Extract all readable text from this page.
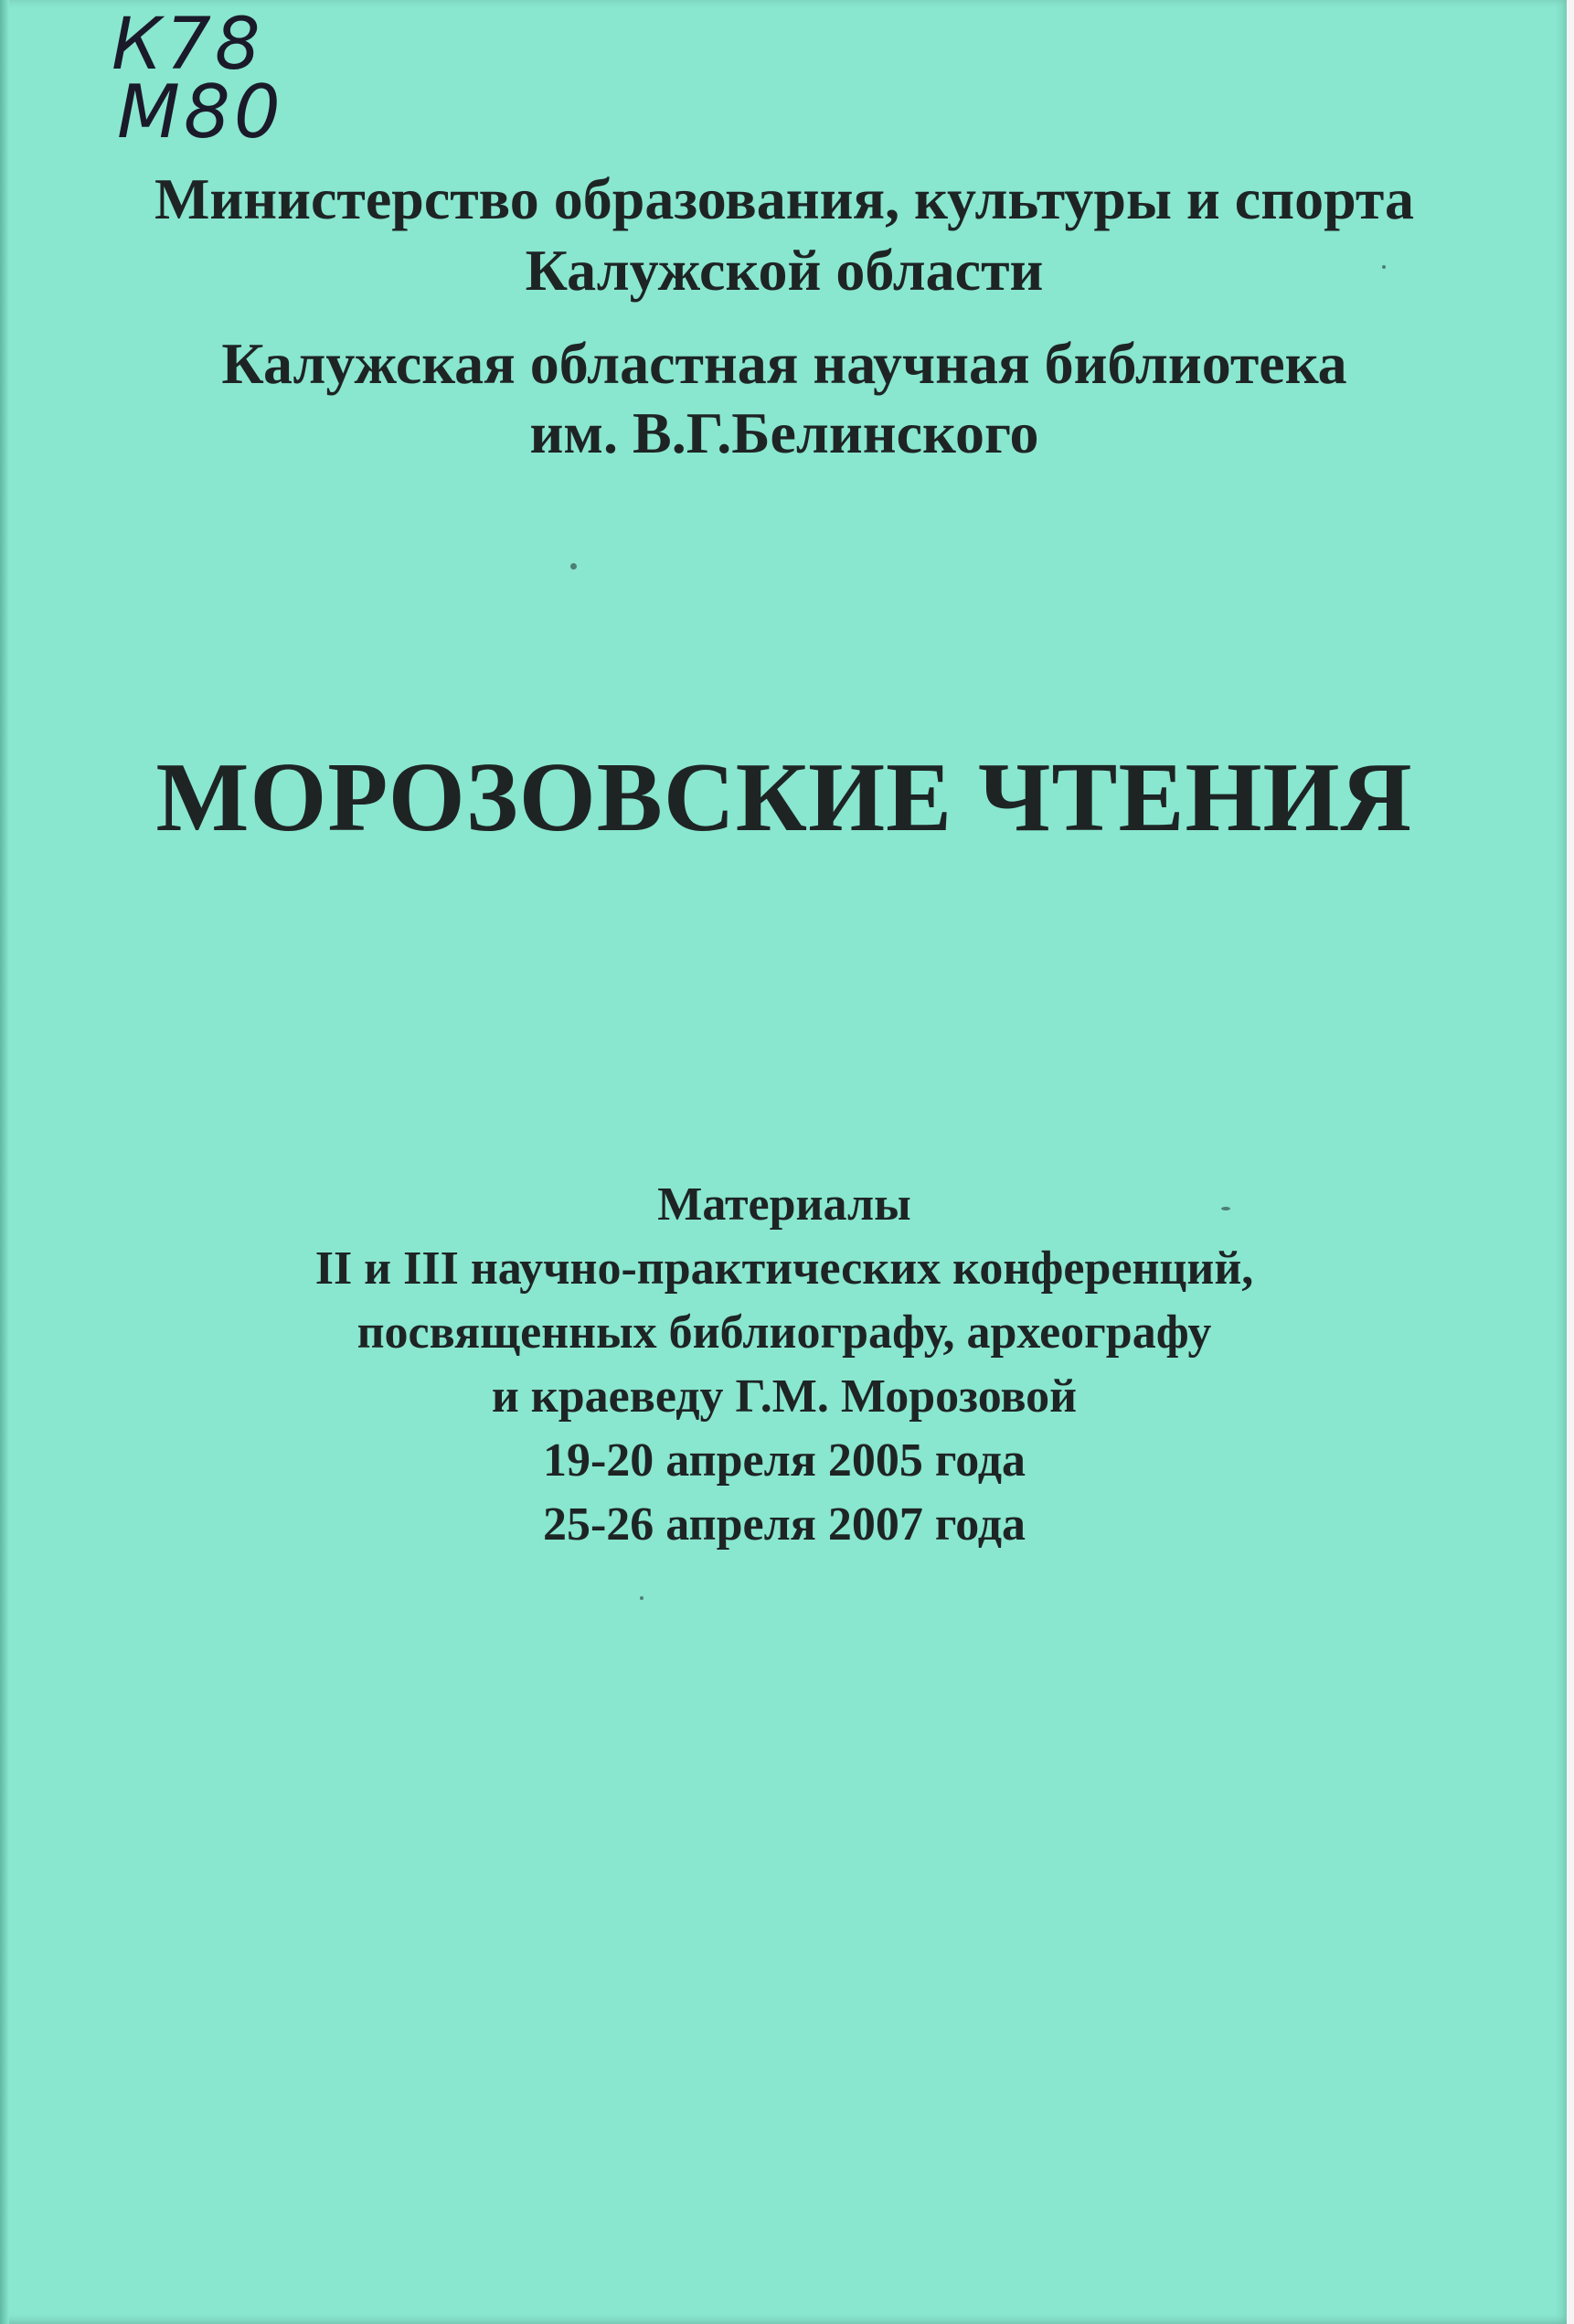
К78
М80
Министерство образования, культуры и спорта
Калужской области
Калужская областная научная библиотека
им. В.Г.Белинского
МОРОЗОВСКИЕ ЧТЕНИЯ
Материалы
II и III научно-практических конференций,
посвященных библиографу, археографу
и краеведу Г.М. Морозовой
19-20 апреля 2005 года
25-26 апреля 2007 года
